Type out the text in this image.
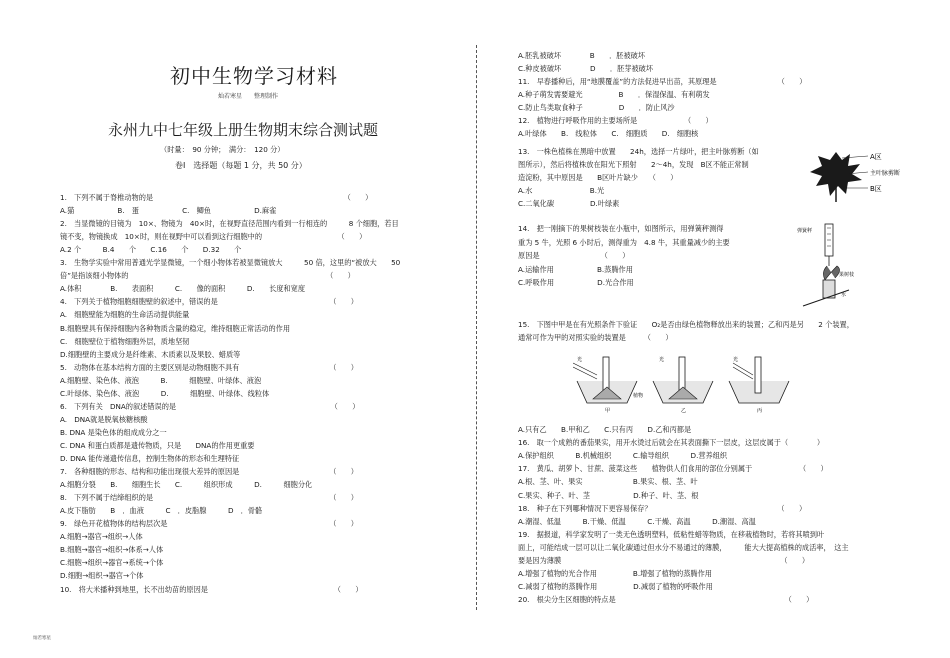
初中生物学习材料
灿若寒星　　整理制作
永州九中七年级上册生物期末综合测试题
（时量：　90 分钟；　满分：　120 分）
卷Ⅰ　选择题（每题 1 分，共 50 分）
1.　下列不属于脊椎动物的是　　　　　　　　　　　　　　　　　　　　　　　　　　　（　　）
A.猫　　　　　　B.　蛋　　　　　　C.　鲫鱼　　　　　　D.麻雀
2.　当显微镜的目镜为　10×、物镜为　40×时，在视野直径范围内看到一行相连的　　　8 个细胞，若目
镜不变，物镜换成　10×时，则在视野中可以看到这行细胞中的　　　　　　　　　　　（　　）
A.2 个　　　B.4　　个　　C.16　　个　　D.32　　个
3.　生物学实验中常用普通光学显微镜，一个细小物体若被显微镜放大　　　50 倍，这里的“被放大　　50
倍”是指该细小物体的　　　　　　　　　　　　　　　　　　　　　　　　　　　　（　　）
A.体积　　　　B.　　表面积　　　C.　　像的面积　　　D.　　长度和宽度
4.　下列关于植物细胞细胞壁的叙述中，错误的是　　　　　　　　　　　　　　　　（　　）
A.　细胞壁能为细胞的生命活动提供能量
B.细胞壁具有保持细胞内各种物质含量的稳定，维持细胞正常活动的作用
C.　细胞壁位于植物细胞外层，质地坚韧
D.细胞壁的主要成分是纤维素、木质素以及果胶、蜡质等
5.　动物体在基本结构方面的主要区别是动物细胞不具有　　　　　　　　　　　　　（　　）
A.细胞壁、染色体、液泡　　　B.　　　细胞壁、叶绿体、液泡
C.叶绿体、染色体、液泡　　　D.　　　细胞壁、叶绿体、线粒体
6.　下列有关　DNA的叙述错误的是　　　　　　　　　　　　　　　　　　　　　　（　　）
A.　DNA就是脱氧核糖核酸
B. DNA 是染色体的组成成分之一
C. DNA 和蛋白质都是遗传物质，只是　　DNA的作用更重要
D. DNA 能传递遗传信息，控制生物体的形态和生理特征
7.　各种细胞的形态、结构和功能出现很大差异的原因是　　　　　　　　　　　　　（　　）
A.细胞分裂　　B.　　细胞生长　　C.　　　组织形成　　　D.　　　细胞分化
8.　下列不属于结缔组织的是　　　　　　　　　　　　　　　　　　　　　　　　　（　　）
A.皮下脂肪　　B　．血液　　　C　．皮脂腺　　　D　．骨骼
9.　绿色开花植物体的结构层次是　　　　　　　　　　　　　　　　　　　　　　　（　　）
A.细胞→器官→组织→人体
B.细胞→器官→组织→体系→人体
C.细胞→组织→器官→系统→个体
D.细胞→组织→器官→个体
10.　将大米播种到地里，长不出幼苗的原因是　　　　　　　　　　　　　　　　　　（　　）
灿若寒星
A.胚乳被破坏　　　　B　　．胚被破坏
C.种皮被破坏　　　　D　　．胚芽被破坏
11.　早春播种后，用“地膜覆盖”的方法促进早出苗，其原理是　　　　　　　　　（　　）
A.种子萌发需要避光　　　　　B　　．保湿保温、有利萌发
C.防止鸟类取食种子　　　　　D　　．防止风沙
12.　植物进行呼吸作用的主要场所是　　　　　　　（　　）
A.叶绿体　　B.　线粒体　　C.　细胞质　　D.　细胞核
13.　一株色植株在黑暗中放置　　24h，选择一片绿叶，把主叶脉剪断（如
图所示），然后将植株放在阳光下照射　　2～4h，发现　B区不能正常制
造淀粉，其中原因是　　B区叶片缺少　　（　　）
A.水　　　　　　　　B.光
C.二氧化碳　　　　　D.叶绿素
14.　把一刚摘下的果树枝装在小瓶中，如图所示，用弹簧秤测得
重为 5 牛，光照 6 小时后，测得重为　4.8 牛，其重量减少的主要
原因是　　　　　　　　　（　　）
A.运输作用　　　　　　B.蒸腾作用
C.呼吸作用　　　　　　D.光合作用
15.　下图中甲是在有光照条件下验证　　O₂是否由绿色植物释放出来的装置；乙和丙是另　　2 个装置，
通常可作为甲的对照实验的装置是　　　（　　）
A.只有乙　　B.甲和乙　　C.只有丙　　D.乙和丙都是
16.　取一个成熟的番茄果实，用开水烫过后就会在其表面撕下一层皮，这层皮属于（　　　　）
A.保护组织　　　B.机械组织　　　C.输导组织　　　D.营养组织
17.　黄瓜、胡萝卜、甘蔗、菠菜这些　　植物供人们食用的部位分别属于　　　　　　　（　　）
A.根、茎、叶、果实　　　　　　　B.果实、根、茎、叶
C.果实、种子、叶、茎　　　　　　D.种子、叶、茎、根
18.　种子在下列哪种情况下更容易保存？　　　　　　　　　　　　　　　　　　（　　）
A.潮湿、低温　　　B.干燥、低温　　　C.干燥、高温　　　D.潮湿、高温
19.　据报道，科学家发明了一类无色透明塑料，低粘性蜡等物质，在移栽植物时，若将其喷到叶
面上，可能结成一层可以让二氧化碳通过但水分不易通过的薄膜，　　　能大大提高植株的成活率，　这主
要是因为薄膜　　　　　　　　　　　　　　　　　　　　　　　　　　　　　　　（　　）
A.增强了植物的光合作用　　　　　B.增强了植物的蒸腾作用
C.减弱了植物的蒸腾作用　　　　　D.减弱了植物的呼吸作用
20.　根尖分生区细胞的特点是　　　　　　　　　　　　　　　　　　　　　　　　（　　）
A区
主叶脉剪断
B区
弹簧秤
果树枝
水
光	光	光
植物
甲	乙	丙
